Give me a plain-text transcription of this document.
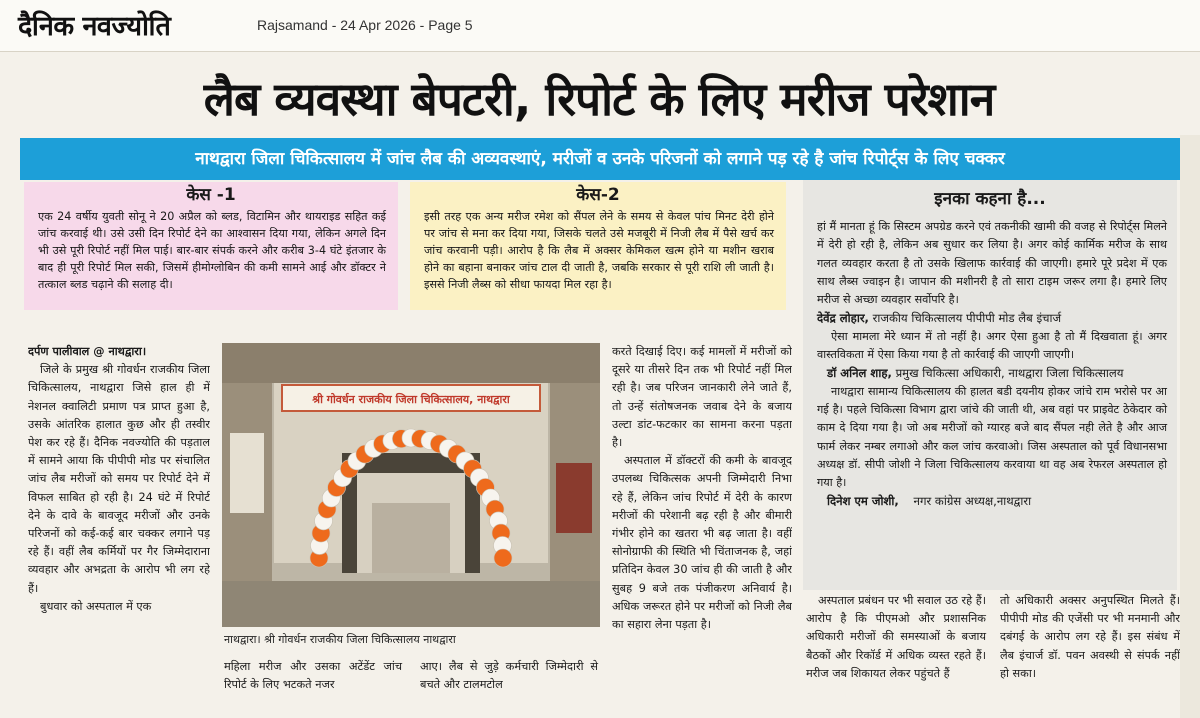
दैनिक नवज्योति	Rajsamand - 24 Apr 2026 - Page 5
लैब व्यवस्था बेपटरी, रिपोर्ट के लिए मरीज परेशान
नाथद्वारा जिला चिकित्सालय में जांच लैब की अव्यवस्थाएं, मरीजों व उनके परिजनों को लगाने पड़ रहे है जांच रिपोर्ट्स के लिए चक्कर
केस -1
एक 24 वर्षीय युवती सोनू ने 20 अप्रैल को ब्लड, विटामिन और थायराइड सहित कई जांच करवाई थी। उसे उसी दिन रिपोर्ट देने का आश्वासन दिया गया, लेकिन अगले दिन भी उसे पूरी रिपोर्ट नहीं मिल पाई। बार-बार संपर्क करने और करीब 3-4 घंटे इंतजार के बाद ही पूरी रिपोर्ट मिल सकी, जिसमें हीमोग्लोबिन की कमी सामने आई और डॉक्टर ने तत्काल ब्लड चढ़ाने की सलाह दी।
केस-2
इसी तरह एक अन्य मरीज रमेश को सैंपल लेने के समय से केवल पांच मिनट देरी होने पर जांच से मना कर दिया गया, जिसके चलते उसे मजबूरी में निजी लैब में पैसे खर्च कर जांच करवानी पड़ी। आरोप है कि लैब में अक्सर केमिकल खत्म होने या मशीन खराब होने का बहाना बनाकर जांच टाल दी जाती है, जबकि सरकार से पूरी राशि ली जाती है। इससे निजी लैब्स को सीधा फायदा मिल रहा है।
इनका कहना है...
हां मैं मानता हूं कि सिस्टम अपग्रेड करने एवं तकनीकी खामी की वजह से रिपोर्ट्स मिलने में देरी हो रही है, लेकिन अब सुधार कर लिया है। अगर कोई कार्मिक मरीज के साथ गलत व्यवहार करता है तो उसके खिलाफ कार्रवाई की जाएगी। हमारे पूरे प्रदेश में एक साथ लैब्स ज्वाइन है। जापान की मशीनरी है तो सारा टाइम जरूर लगा है। हमारे लिए मरीज से अच्छा व्यवहार सर्वोपरि है।
देवेंद्र लोहार, राजकीय चिकित्सालय पीपीपी मोड लैब इंचार्ज
ऐसा मामला मेरे ध्यान में तो नहीं है। अगर ऐसा हुआ है तो मैं दिखवाता हूं। अगर वास्तविकता में ऐसा किया गया है तो कार्रवाई की जाएगी जाएगी।
डॉ अनिल शाह, प्रमुख चिकित्सा अधिकारी, नाथद्वारा जिला चिकित्सालय
नाथद्वारा सामान्य चिकित्सालय की हालत बडी दयनीय होकर जांचे राम भरोसे पर आ गई है। पहले चिकित्सा विभाग द्वारा जांचे की जाती थी, अब वहां पर प्राइवेट ठेकेदार को काम दे दिया गया है। जो अब मरीजों को ग्यारह बजे बाद सैंपल नही लेते है और आज फार्म लेकर नम्बर लगाओ और कल जांच करवाओ। जिस अस्पताल को पूर्व विधानसभा अध्यक्ष डॉ. सीपी जोशी ने जिला चिकित्सालय करवाया था वह अब रेफरल अस्पताल हो गया है।
दिनेश एम जोशी,    नगर कांग्रेस अध्यक्ष,नाथद्वारा
दर्पण पालीवाल @ नाथद्वारा।

जिले के प्रमुख श्री गोवर्धन राजकीय जिला चिकित्सालय, नाथद्वारा जिसे हाल ही में नेशनल क्वालिटी प्रमाण पत्र प्राप्त हुआ है, उसके आंतरिक हालात कुछ और ही तस्वीर पेश कर रहे हैं। दैनिक नवज्योति की पड़ताल में सामने आया कि पीपीपी मोड पर संचालित जांच लैब मरीजों को समय पर रिपोर्ट देने में विफल साबित हो रही है। 24 घंटे में रिपोर्ट देने के दावे के बावजूद मरीजों और उनके परिजनों को कई-कई बार चक्कर लगाने पड़ रहे हैं। वहीं लैब कर्मियों पर गैर जिम्मेदाराना व्यवहार और अभद्रता के आरोप भी लग रहे हैं।

बुधवार को अस्पताल में एक

श्री गोवर्धन राजकीय जिला चिकित्सालय, नाथद्वारा
नाथद्वारा। श्री गोवर्धन राजकीय जिला चिकित्सालय नाथद्वारा
महिला मरीज और उसका अटेंडेंट जांच रिपोर्ट के लिए भटकते नजर
आए। लैब से जुड़े कर्मचारी जिम्मेदारी से बचते और टालमटोल

करते दिखाई दिए। कई मामलों में मरीजों को दूसरे या तीसरे दिन तक भी रिपोर्ट नहीं मिल रही है। जब परिजन जानकारी लेने जाते हैं, तो उन्हें संतोषजनक जवाब देने के बजाय उल्टा डांट-फटकार का सामना करना पड़ता है।

अस्पताल में डॉक्टरों की कमी के बावजूद उपलब्ध चिकित्सक अपनी जिम्मेदारी निभा रहे हैं, लेकिन जांच रिपोर्ट में देरी के कारण मरीजों की परेशानी बढ़ रही है और बीमारी गंभीर होने का खतरा भी बढ़ जाता है। वहीं सोनोग्राफी की स्थिति भी चिंताजनक है, जहां प्रतिदिन केवल 30 जांच ही की जाती है और सुबह 9 बजे तक पंजीकरण अनिवार्य है। अधिक जरूरत होने पर मरीजों को निजी लैब का सहारा लेना पड़ता है।

अस्पताल प्रबंधन पर भी सवाल उठ रहे हैं। आरोप है कि पीएमओ और प्रशासनिक अधिकारी मरीजों की समस्याओं के बजाय बैठकों और रिकॉर्ड में अधिक व्यस्त रहते हैं। मरीज जब शिकायत लेकर पहुंचते हैं
तो अधिकारी अक्सर अनुपस्थित मिलते हैं। पीपीपी मोड की एजेंसी पर भी मनमानी और दबंगई के आरोप लग रहे हैं। इस संबंध में लैब इंचार्ज डॉ. पवन अवस्थी से संपर्क नहीं हो सका।
